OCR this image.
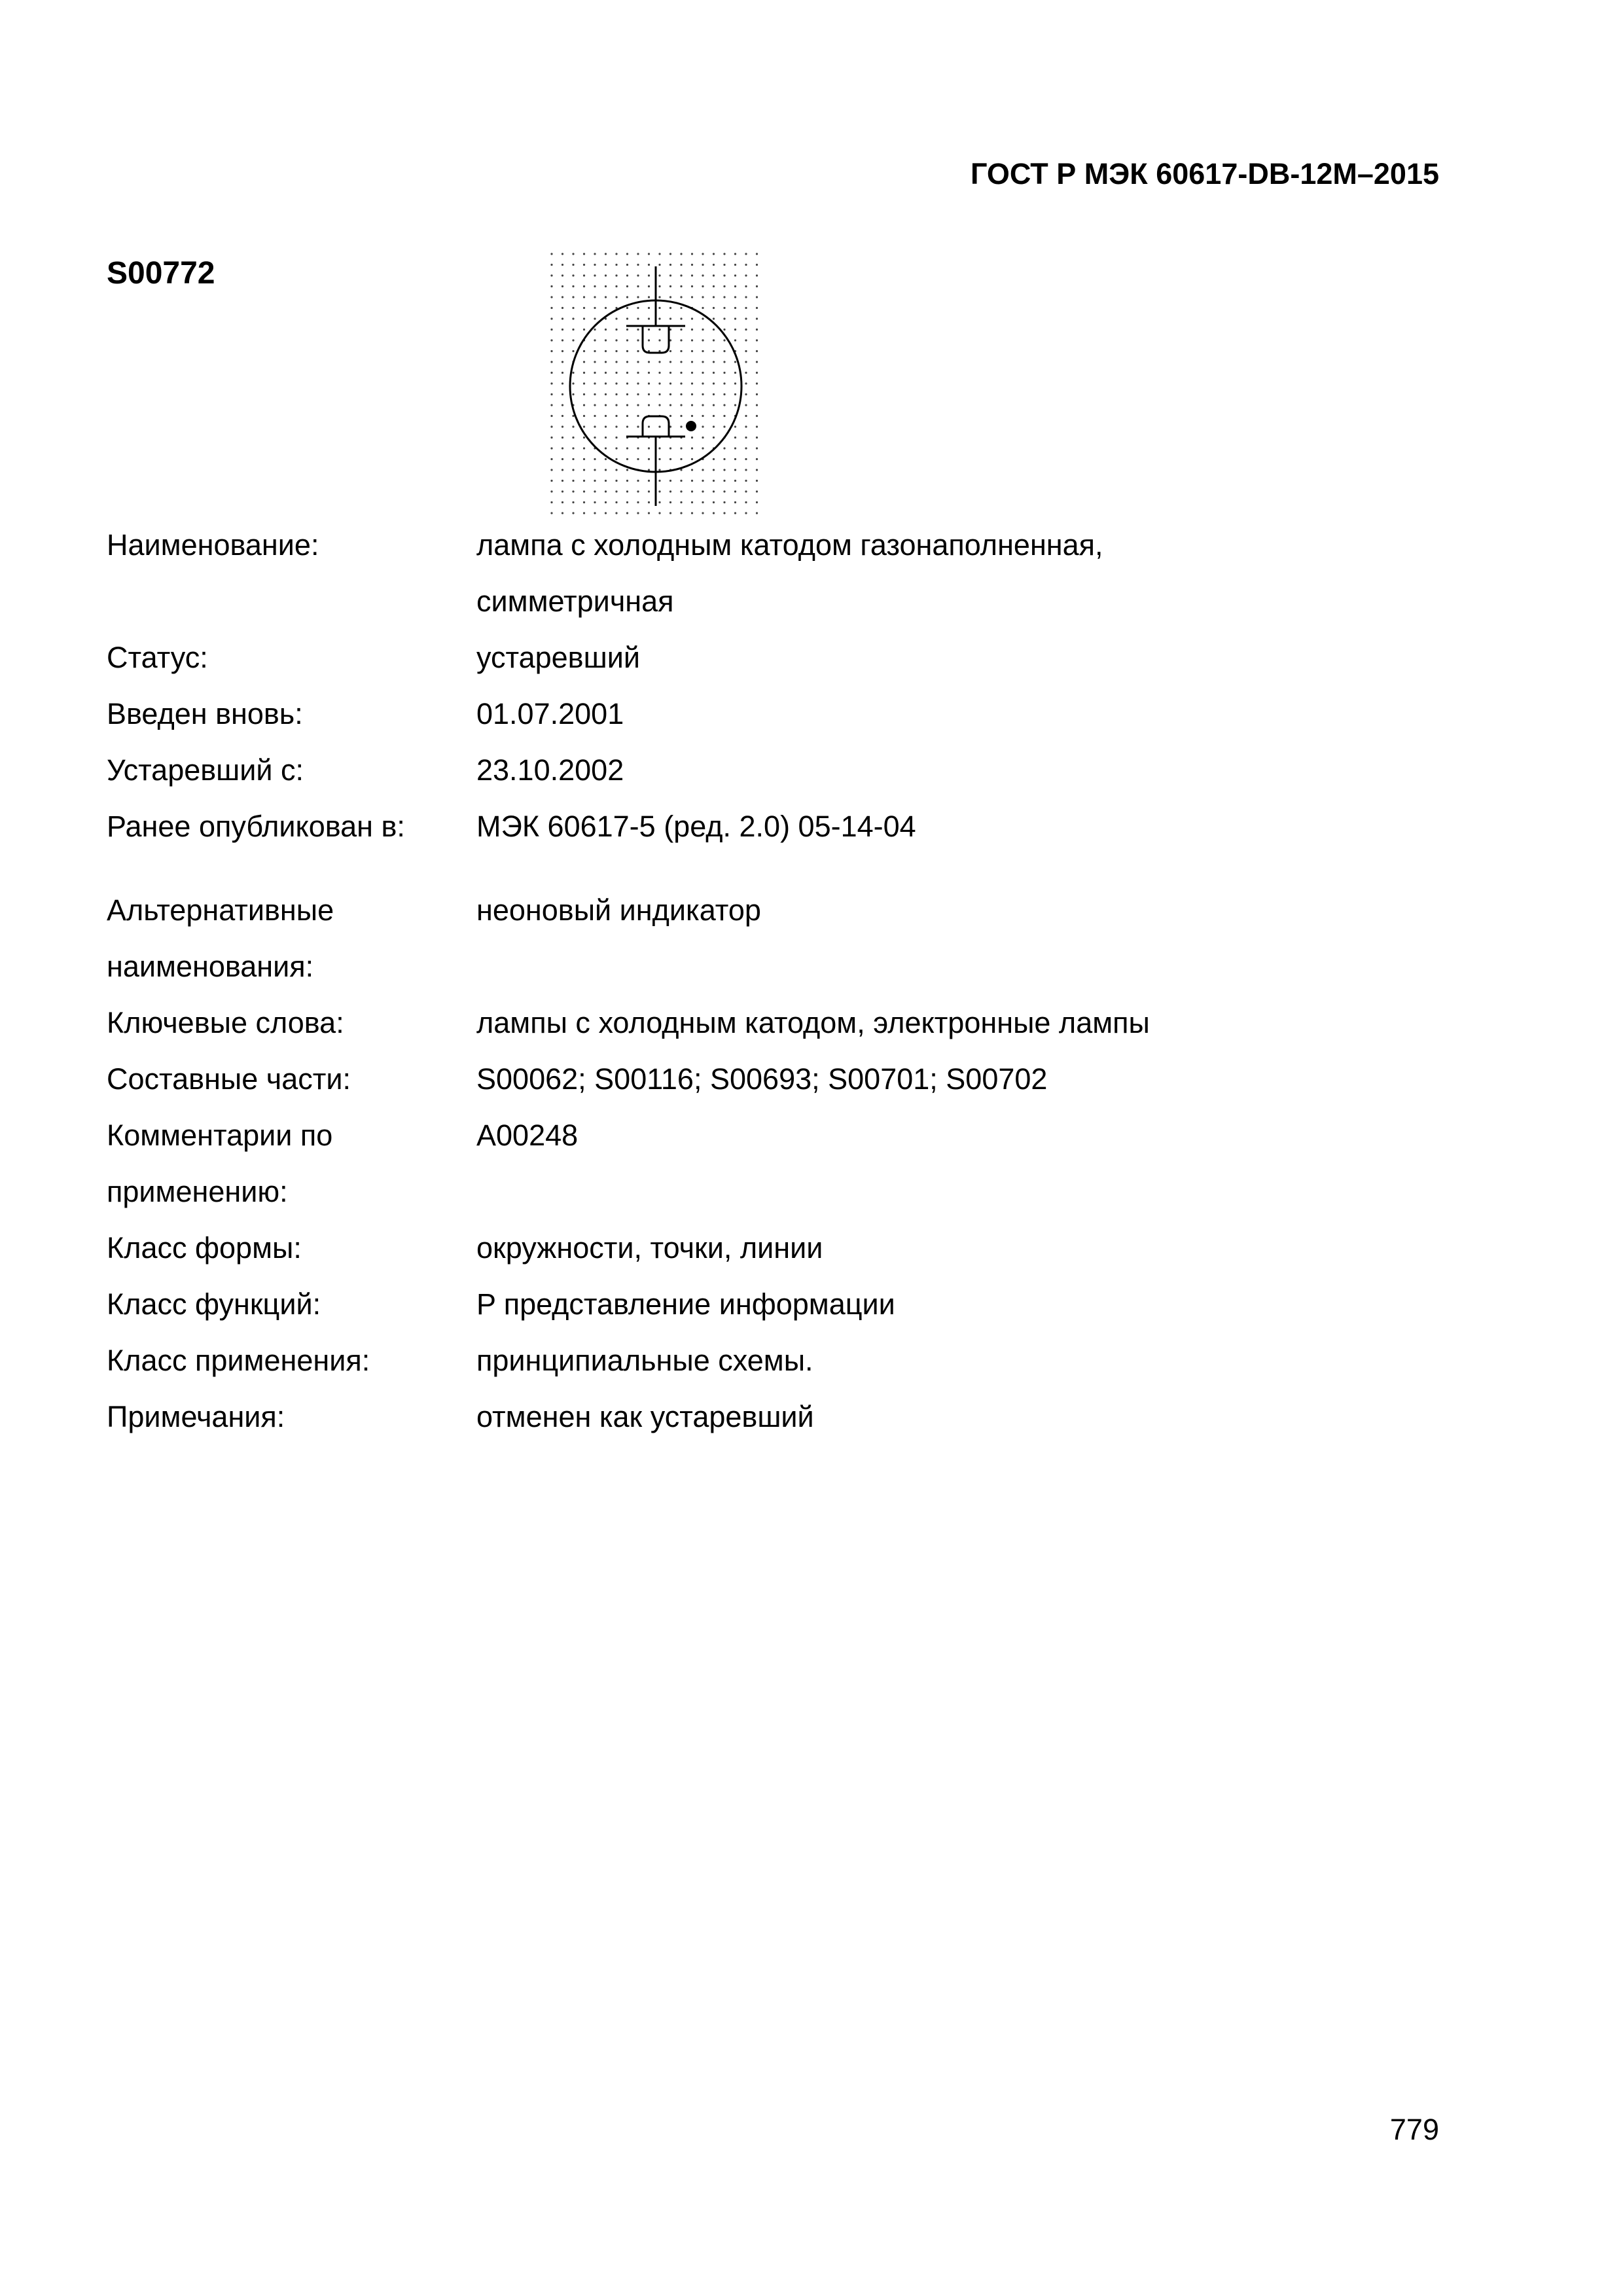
ГОСТ Р МЭК 60617-DB-12M–2015
S00772
Наименование:	лампа с холодным катодом газонаполненная, симметричная
Статус:	устаревший
Введен вновь:	01.07.2001
Устаревший с:	23.10.2002
Ранее опубликован в:	МЭК 60617-5 (ред. 2.0) 05-14-04
Альтернативные наименования:
неоновый индикатор
Ключевые слова:	лампы с холодным катодом, электронные лампы
Составные части:	S00062; S00116; S00693; S00701; S00702
Комментарии по применению:
A00248
Класс формы:	окружности, точки, линии
Класс функций:	P представление информации
Класс применения:	принципиальные схемы.
Примечания:	отменен как устаревший
779
